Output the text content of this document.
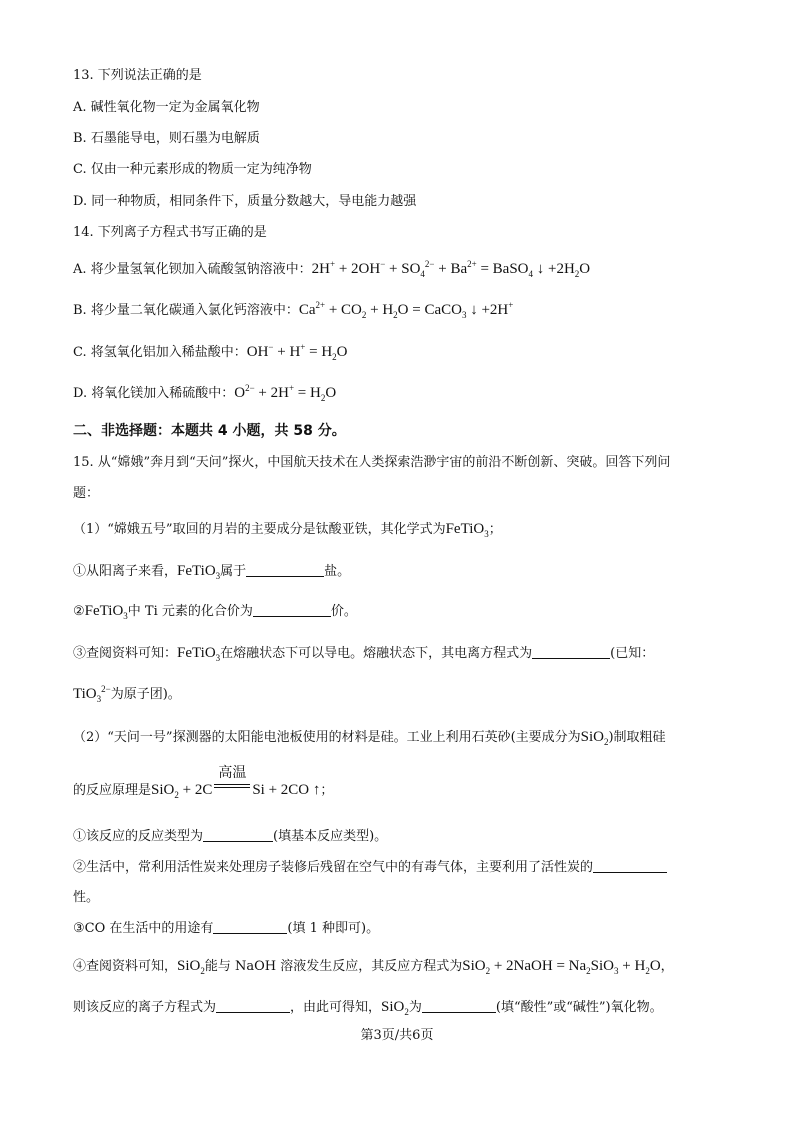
13. 下列说法正确的是
A. 碱性氧化物一定为金属氧化物
B. 石墨能导电，则石墨为电解质
C. 仅由一种元素形成的物质一定为纯净物
D. 同一种物质，相同条件下，质量分数越大，导电能力越强
14. 下列离子方程式书写正确的是
A. 将少量氢氧化钡加入硫酸氢钠溶液中：$2H^+ + 2OH^- + SO_4^{2-} + Ba^{2+}$ = BaSO$_4$ ↓ $+2H_2O$
B. 将少量二氧化碳通入氯化钙溶液中：$Ca^{2+} + CO_2 + H_2O$ = CaCO$_3$ ↓ +2H+
C. 将氢氧化铝加入稀盐酸中：$OH^- + H^+ = H_2O$
D. 将氧化镁加入稀硫酸中：$O^{2-} + 2H^+ = H_2O$
二、非选择题：本题共 4 小题，共 58 分。
15. 从“嫦娥”奔月到“天问”探火，中国航天技术在人类探索浩渺宇宙的前沿不断创新、突破。回答下列问
题：
（1）“嫦娥五号”取回的月岩的主要成分是钛酸亚铁，其化学式为FeTiO$_3$；
①从阳离子来看，FeTiO$_3$属于	盐。
②FeTiO$_3$中 Ti 元素的化合价为	价。
③查阅资料可知：FeTiO$_3$在熔融状态下可以导电。熔融状态下，其电离方程式为	(已知：
TiO$_3^{2-}$为原子团)。
（2）“天问一号”探测器的太阳能电池板使用的材料是硅。工业上利用石英砂(主要成分为SiO$_2$)制取粗硅
的反应原理是SiO$_2$ + 2C
高温
Si + 2CO ↑；
①该反应的反应类型为	(填基本反应类型)。
②生活中，常利用活性炭来处理房子装修后残留在空气中的有毒气体，主要利用了活性炭的
性。
③CO 在生活中的用途有	(填 1 种即可)。
④查阅资料可知，SiO$_2$能与 NaOH 溶液发生反应，其反应方程式为SiO$_2$ + 2NaOH = $Na_2SiO_3 + H_2O$，
则该反应的离子方程式为	，由此可得知，SiO$_2$为	(填“酸性”或“碱性”)氧化物。
第3页/共6页
